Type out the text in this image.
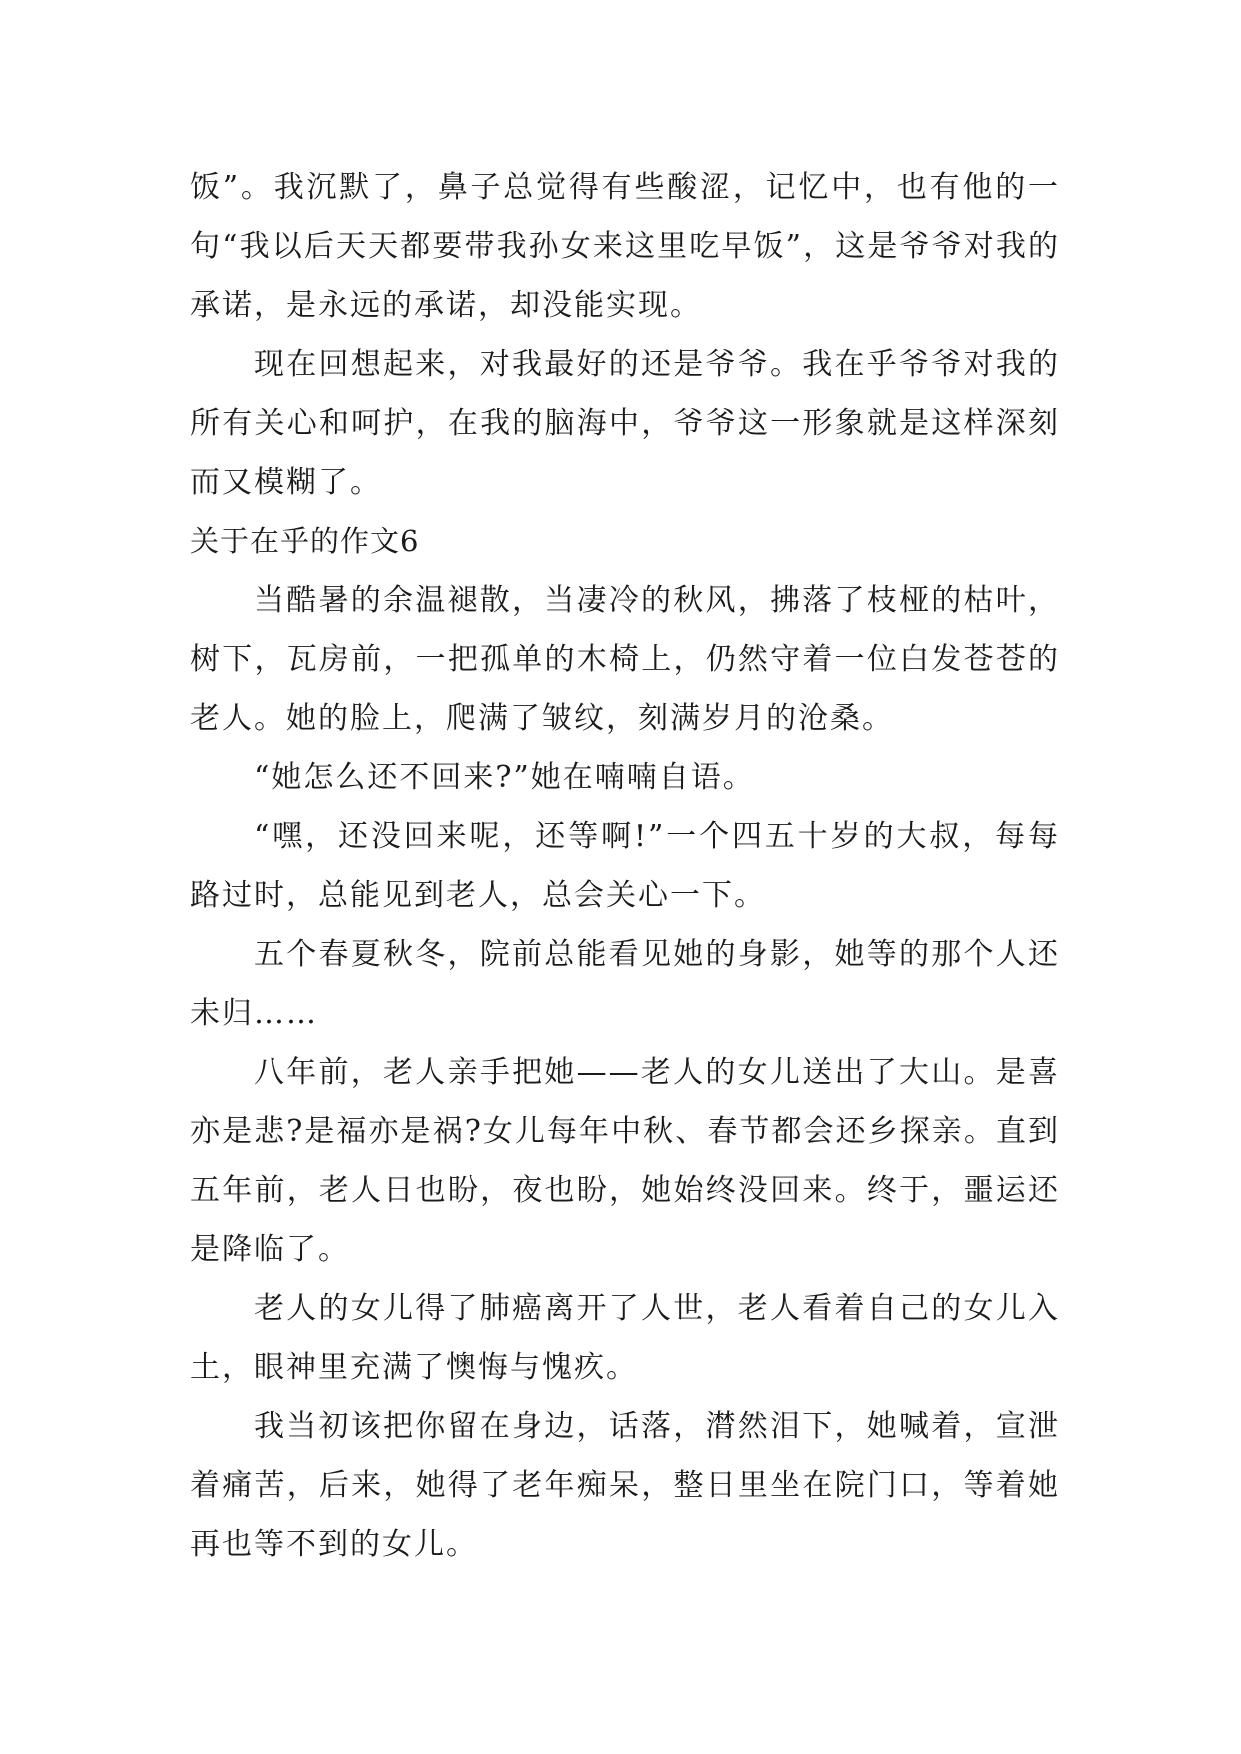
饭”。我沉默了，鼻子总觉得有些酸涩，记忆中，也有他的一句“我以后天天都要带我孙女来这里吃早饭”，这是爷爷对我的承诺，是永远的承诺，却没能实现。

现在回想起来，对我最好的还是爷爷。我在乎爷爷对我的所有关心和呵护，在我的脑海中，爷爷这一形象就是这样深刻而又模糊了。

关于在乎的作文6

当酷暑的余温褪散，当凄冷的秋风，拂落了枝桠的枯叶，树下，瓦房前，一把孤单的木椅上，仍然守着一位白发苍苍的老人。她的脸上，爬满了皱纹，刻满岁月的沧桑。

“她怎么还不回来?”她在喃喃自语。

“嘿，还没回来呢，还等啊!”一个四五十岁的大叔，每每路过时，总能见到老人，总会关心一下。

五个春夏秋冬，院前总能看见她的身影，她等的那个人还未归……

八年前，老人亲手把她——老人的女儿送出了大山。是喜亦是悲?是福亦是祸?女儿每年中秋、春节都会还乡探亲。直到五年前，老人日也盼，夜也盼，她始终没回来。终于，噩运还是降临了。

老人的女儿得了肺癌离开了人世，老人看着自己的女儿入土，眼神里充满了懊悔与愧疚。

我当初该把你留在身边，话落，潸然泪下，她喊着，宣泄着痛苦，后来，她得了老年痴呆，整日里坐在院门口，等着她再也等不到的女儿。
